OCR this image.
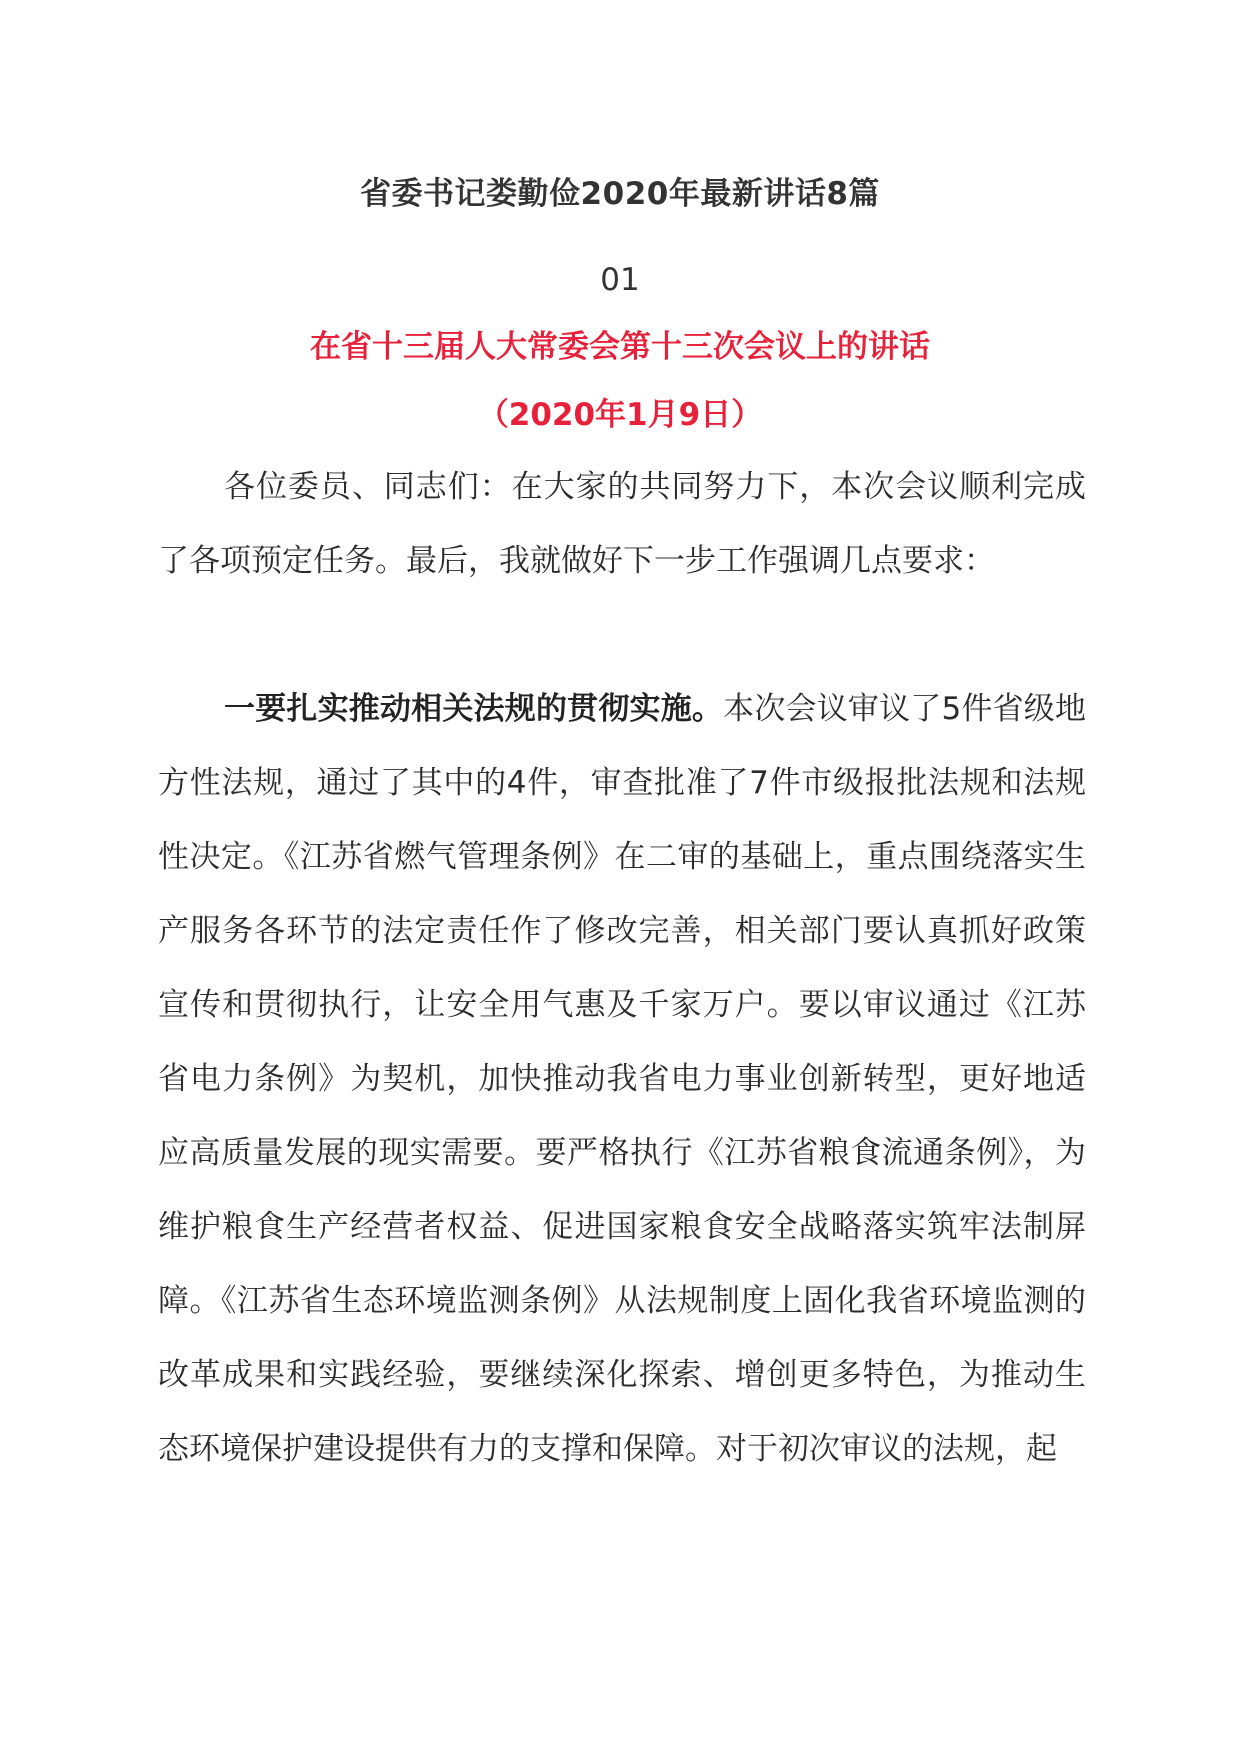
省委书记娄勤俭2020年最新讲话8篇
01
在省十三届人大常委会第十三次会议上的讲话
（2020年1月9日）

各位委员、同志们：在大家的共同努力下，本次会议顺利完成了各项预定任务。最后，我就做好下一步工作强调几点要求：

一要扎实推动相关法规的贯彻实施。本次会议审议了5件省级地方性法规，通过了其中的4件，审查批准了7件市级报批法规和法规性决定。《江苏省燃气管理条例》在二审的基础上，重点围绕落实生产服务各环节的法定责任作了修改完善，相关部门要认真抓好政策宣传和贯彻执行，让安全用气惠及千家万户。要以审议通过《江苏省电力条例》为契机，加快推动我省电力事业创新转型，更好地适应高质量发展的现实需要。要严格执行《江苏省粮食流通条例》，为维护粮食生产经营者权益、促进国家粮食安全战略落实筑牢法制屏障。《江苏省生态环境监测条例》从法规制度上固化我省环境监测的改革成果和实践经验，要继续深化探索、增创更多特色，为推动生态环境保护建设提供有力的支撑和保障。对于初次审议的法规，起
